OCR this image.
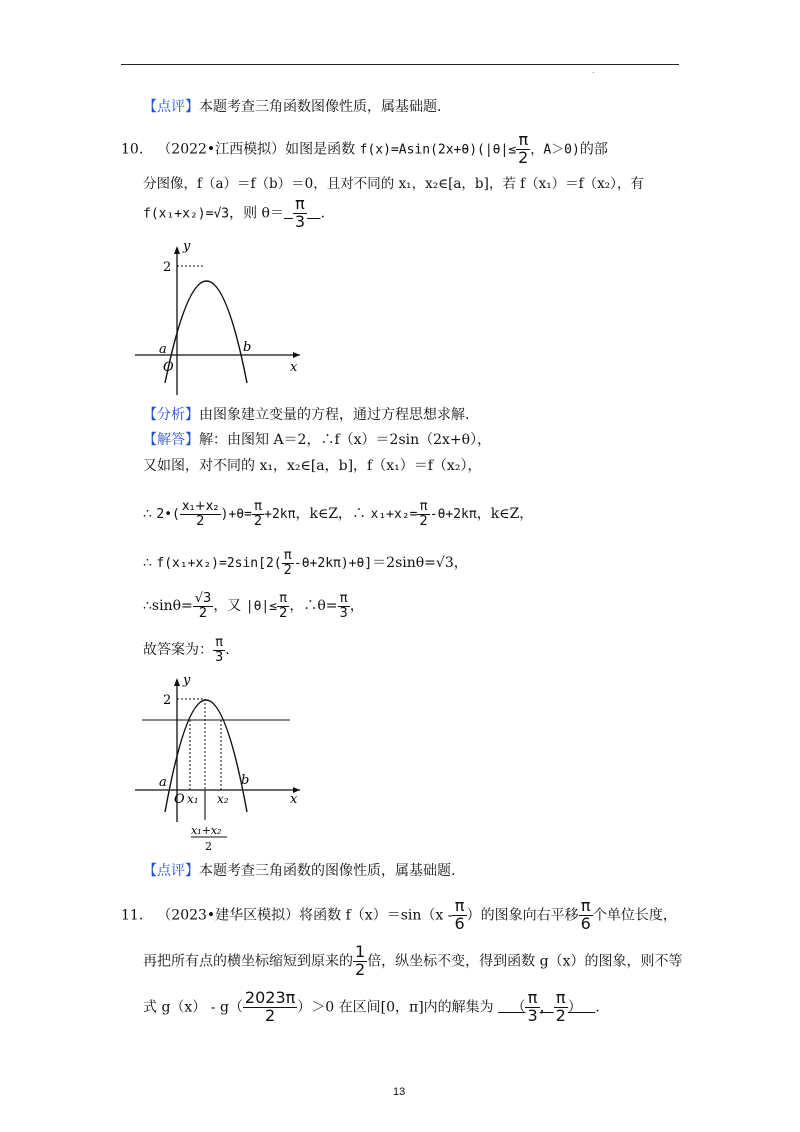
.
【点评】本题考查三角函数图像性质，属基础题.
10． （2022•江西模拟）如图是函数 $f(x)=Asin(2x+\theta)(|\theta|\le \frac{\pi}{2}$ ，A＞0)的部
分图像，f（a）＝f（b）＝0，且对不同的 x₁，x₂∈[a，b]，若 f（x₁）＝f（x₂），有
f(x₁+x₂)=√3，则 $\theta= \frac{\pi}{3}$ .
y
2
a	b
O	x
【分析】由图象建立变量的方程，通过方程思想求解.
【解答】解：由图知 A＝2，∴f（x）＝2sin（2x+θ），
又如图，对不同的 x₁，x₂∈[a，b]，f（x₁）＝f（x₂），
∴ 2•( $\frac{\text{x₁+x₂}}{2} )+\theta= \frac{\pi}{2} +2k\pi$，k∈Z，∴ $x_1+x_2= \frac{\pi}{2} -\theta+2k\pi$，k∈Z，
∴ $f(x_1+x_2)=2\sin[2( \frac{\pi}{2} -\theta+2k\pi)+\theta]=2\sin\theta=√3$，
∴sinθ= $\frac{√3}{2}$ ，又 $|\theta|\le \frac{\pi}{2}$ ，∴θ= $\frac{\pi}{3}$ ，
故答案为： $\frac{\pi}{3}$ .
y
2
a	b
O x₁ x₂	x
x₁+x₂
2
【点评】本题考查三角函数的图像性质，属基础题.
11． （2023•建华区模拟）将函数 $f(x)=\sin(x - \frac{\pi}{6}$ ）的图象向右平移 $\frac{\pi}{6}$ 个单位长度，
再把所有点的横坐标缩短到原来的 $\frac{1}{2}$ 倍，纵坐标不变，得到函数 g（x）的图象，则不等
式 $g(x) - g( \frac{2023\pi}{2} )>0$ 在区间[0，π]内的解集为 （ $\frac{\pi}{3}$ ， $\frac{\pi}{2}$ ） .
13
